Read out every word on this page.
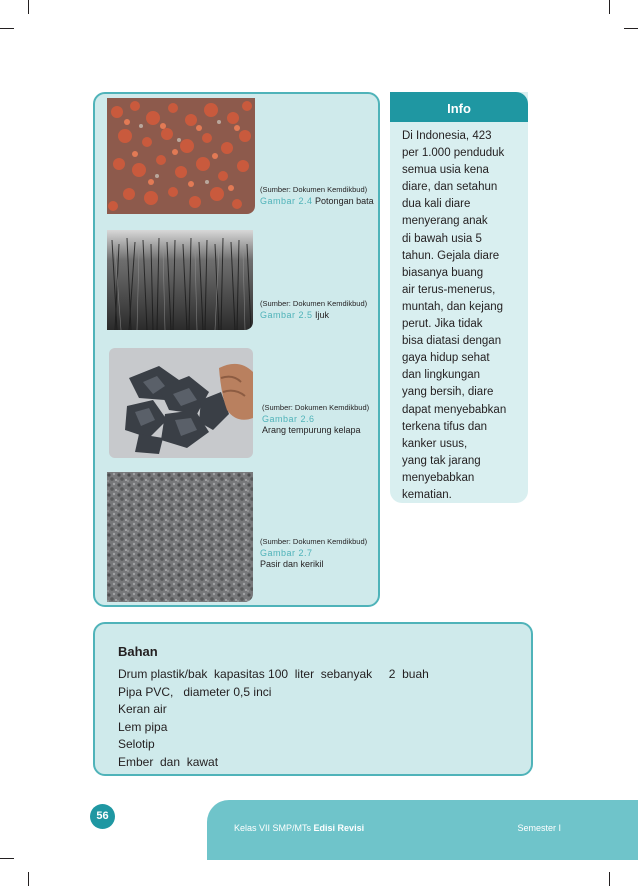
(Sumber: Dokumen Kemdikbud)
Gambar 2.4 Potongan bata
(Sumber: Dokumen Kemdikbud)
Gambar 2.5 Ijuk
(Sumber: Dokumen Kemdikbud)
Gambar 2.6
Arang tempurung kelapa
(Sumber: Dokumen Kemdikbud)
Gambar 2.7
Pasir dan kerikil
Info
Di Indonesia, 423
per 1.000 penduduk
semua usia kena
diare, dan setahun
dua kali diare
menyerang anak
di bawah usia 5
tahun. Gejala diare
biasanya buang
air terus-menerus,
muntah, dan kejang
perut. Jika tidak
bisa diatasi dengan
gaya hidup sehat
dan lingkungan
yang bersih, diare
dapat menyebabkan
terkena tifus dan
kanker usus,
yang tak jarang
menyebabkan
kematian.
Bahan
Drum plastik/bak  kapasitas 100  liter  sebanyak     2  buah
Pipa PVC,   diameter 0,5 inci
Keran air
Lem pipa
Selotip
Ember  dan  kawat
56
Kelas VII SMP/MTs Edisi Revisi	Semester I
